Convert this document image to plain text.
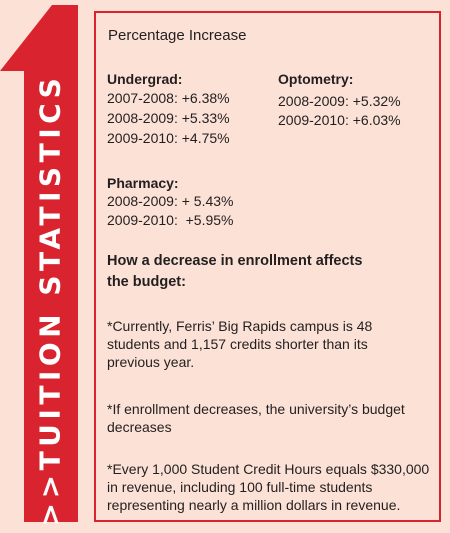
>>TUITION STATISTICS
Percentage Increase
Undergrad:
2007-2008: +6.38%
2008-2009: +5.33%
2009-2010: +4.75%
Optometry:
2008-2009: +5.32%
2009-2010: +6.03%
Pharmacy:
2008-2009: + 5.43%
2009-2010:  +5.95%
How a decrease in enrollment affects
the budget:
*Currently, Ferris’ Big Rapids campus is 48
students and 1,157 credits shorter than its
previous year.
*If enrollment decreases, the university’s budget
decreases
*Every 1,000 Student Credit Hours equals $330,000
in revenue, including 100 full-time students
representing nearly a million dollars in revenue.
